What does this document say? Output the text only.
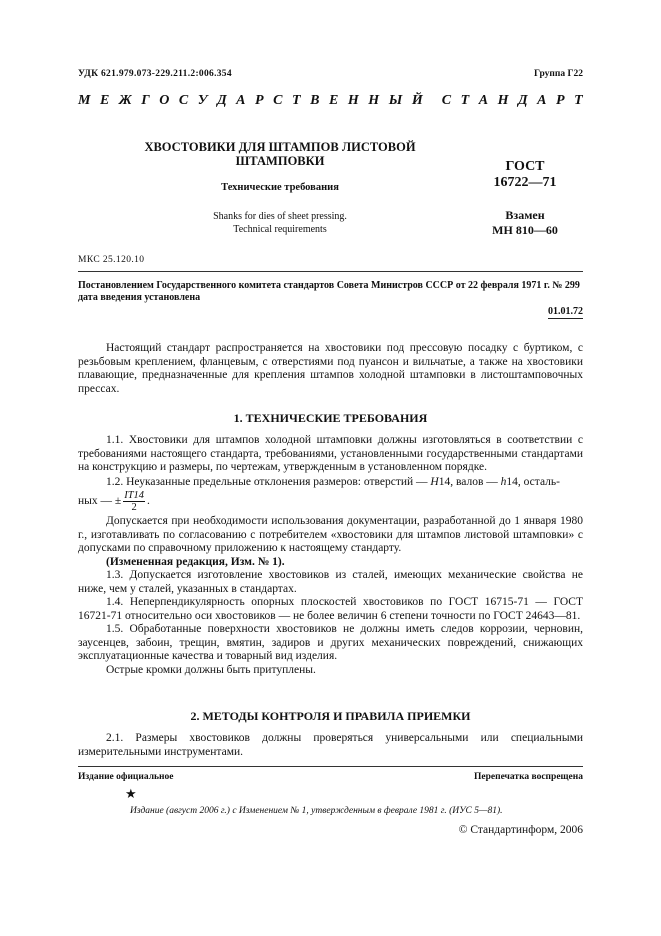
УДК 621.979.073-229.211.2:006.354	Группа Г22
М Е Ж Г О С У Д А Р С Т В Е Н Н Ы Й С Т А Н Д А Р Т
ХВОСТОВИКИ ДЛЯ ШТАМПОВ ЛИСТОВОЙ
ШТАМПОВКИ
Технические требования
Shanks for dies of sheet pressing.
Technical requirements
ГОСТ
16722—71
Взамен
МН 810—60
МКС 25.120.10
Постановлением Государственного комитета стандартов Совета Министров СССР от 22 февраля 1971 г. № 299
дата введения установлена
01.01.72

Настоящий стандарт распространяется на хвостовики под прессовую посадку с буртиком, с резьбовым креплением, фланцевым, с отверстиями под пуансон и вильчатые, а также на хвостовики плавающие, предназначенные для крепления штампов холодной штамповки в листоштамповочных прессах.

1. ТЕХНИЧЕСКИЕ ТРЕБОВАНИЯ

1.1. Хвостовики для штампов холодной штамповки должны изготовляться в соответствии с требованиями настоящего стандарта, требованиями, установленными государственными стандартами на конструкцию и размеры, по чертежам, утвержденным в установленном порядке.

1.2. Неуказанные предельные отклонения размеров: отверстий — H14, валов — h14, осталь-

ных — ± $\frac{IT14}{2}$ .

Допускается при необходимости использования документации, разработанной до 1 января 1980 г., изготавливать по согласованию с потребителем «хвостовики для штампов листовой штамповки» с допусками по справочному приложению к настоящему стандарту.

(Измененная редакция, Изм. № 1).

1.3. Допускается изготовление хвостовиков из сталей, имеющих механические свойства не ниже, чем у сталей, указанных в стандартах.

1.4. Неперпендикулярность опорных плоскостей хвостовиков по ГОСТ 16715-71 — ГОСТ 16721-71 относительно оси хвостовиков — не более величин 6 степени точности по ГОСТ 24643—81.

1.5. Обработанные поверхности хвостовиков не должны иметь следов коррозии, черновин, заусенцев, забоин, трещин, вмятин, задиров и других механических повреждений, снижающих эксплуатационные качества и товарный вид изделия.

Острые кромки должны быть притуплены.

2. МЕТОДЫ КОНТРОЛЯ И ПРАВИЛА ПРИЕМКИ

2.1. Размеры хвостовиков должны проверяться универсальными или специальными измерительными инструментами.

Издание официальное	Перепечатка воспрещена
★
Издание (август 2006 г.) с Изменением № 1, утвержденным в феврале 1981 г. (ИУС 5—81).
© Стандартинформ, 2006
